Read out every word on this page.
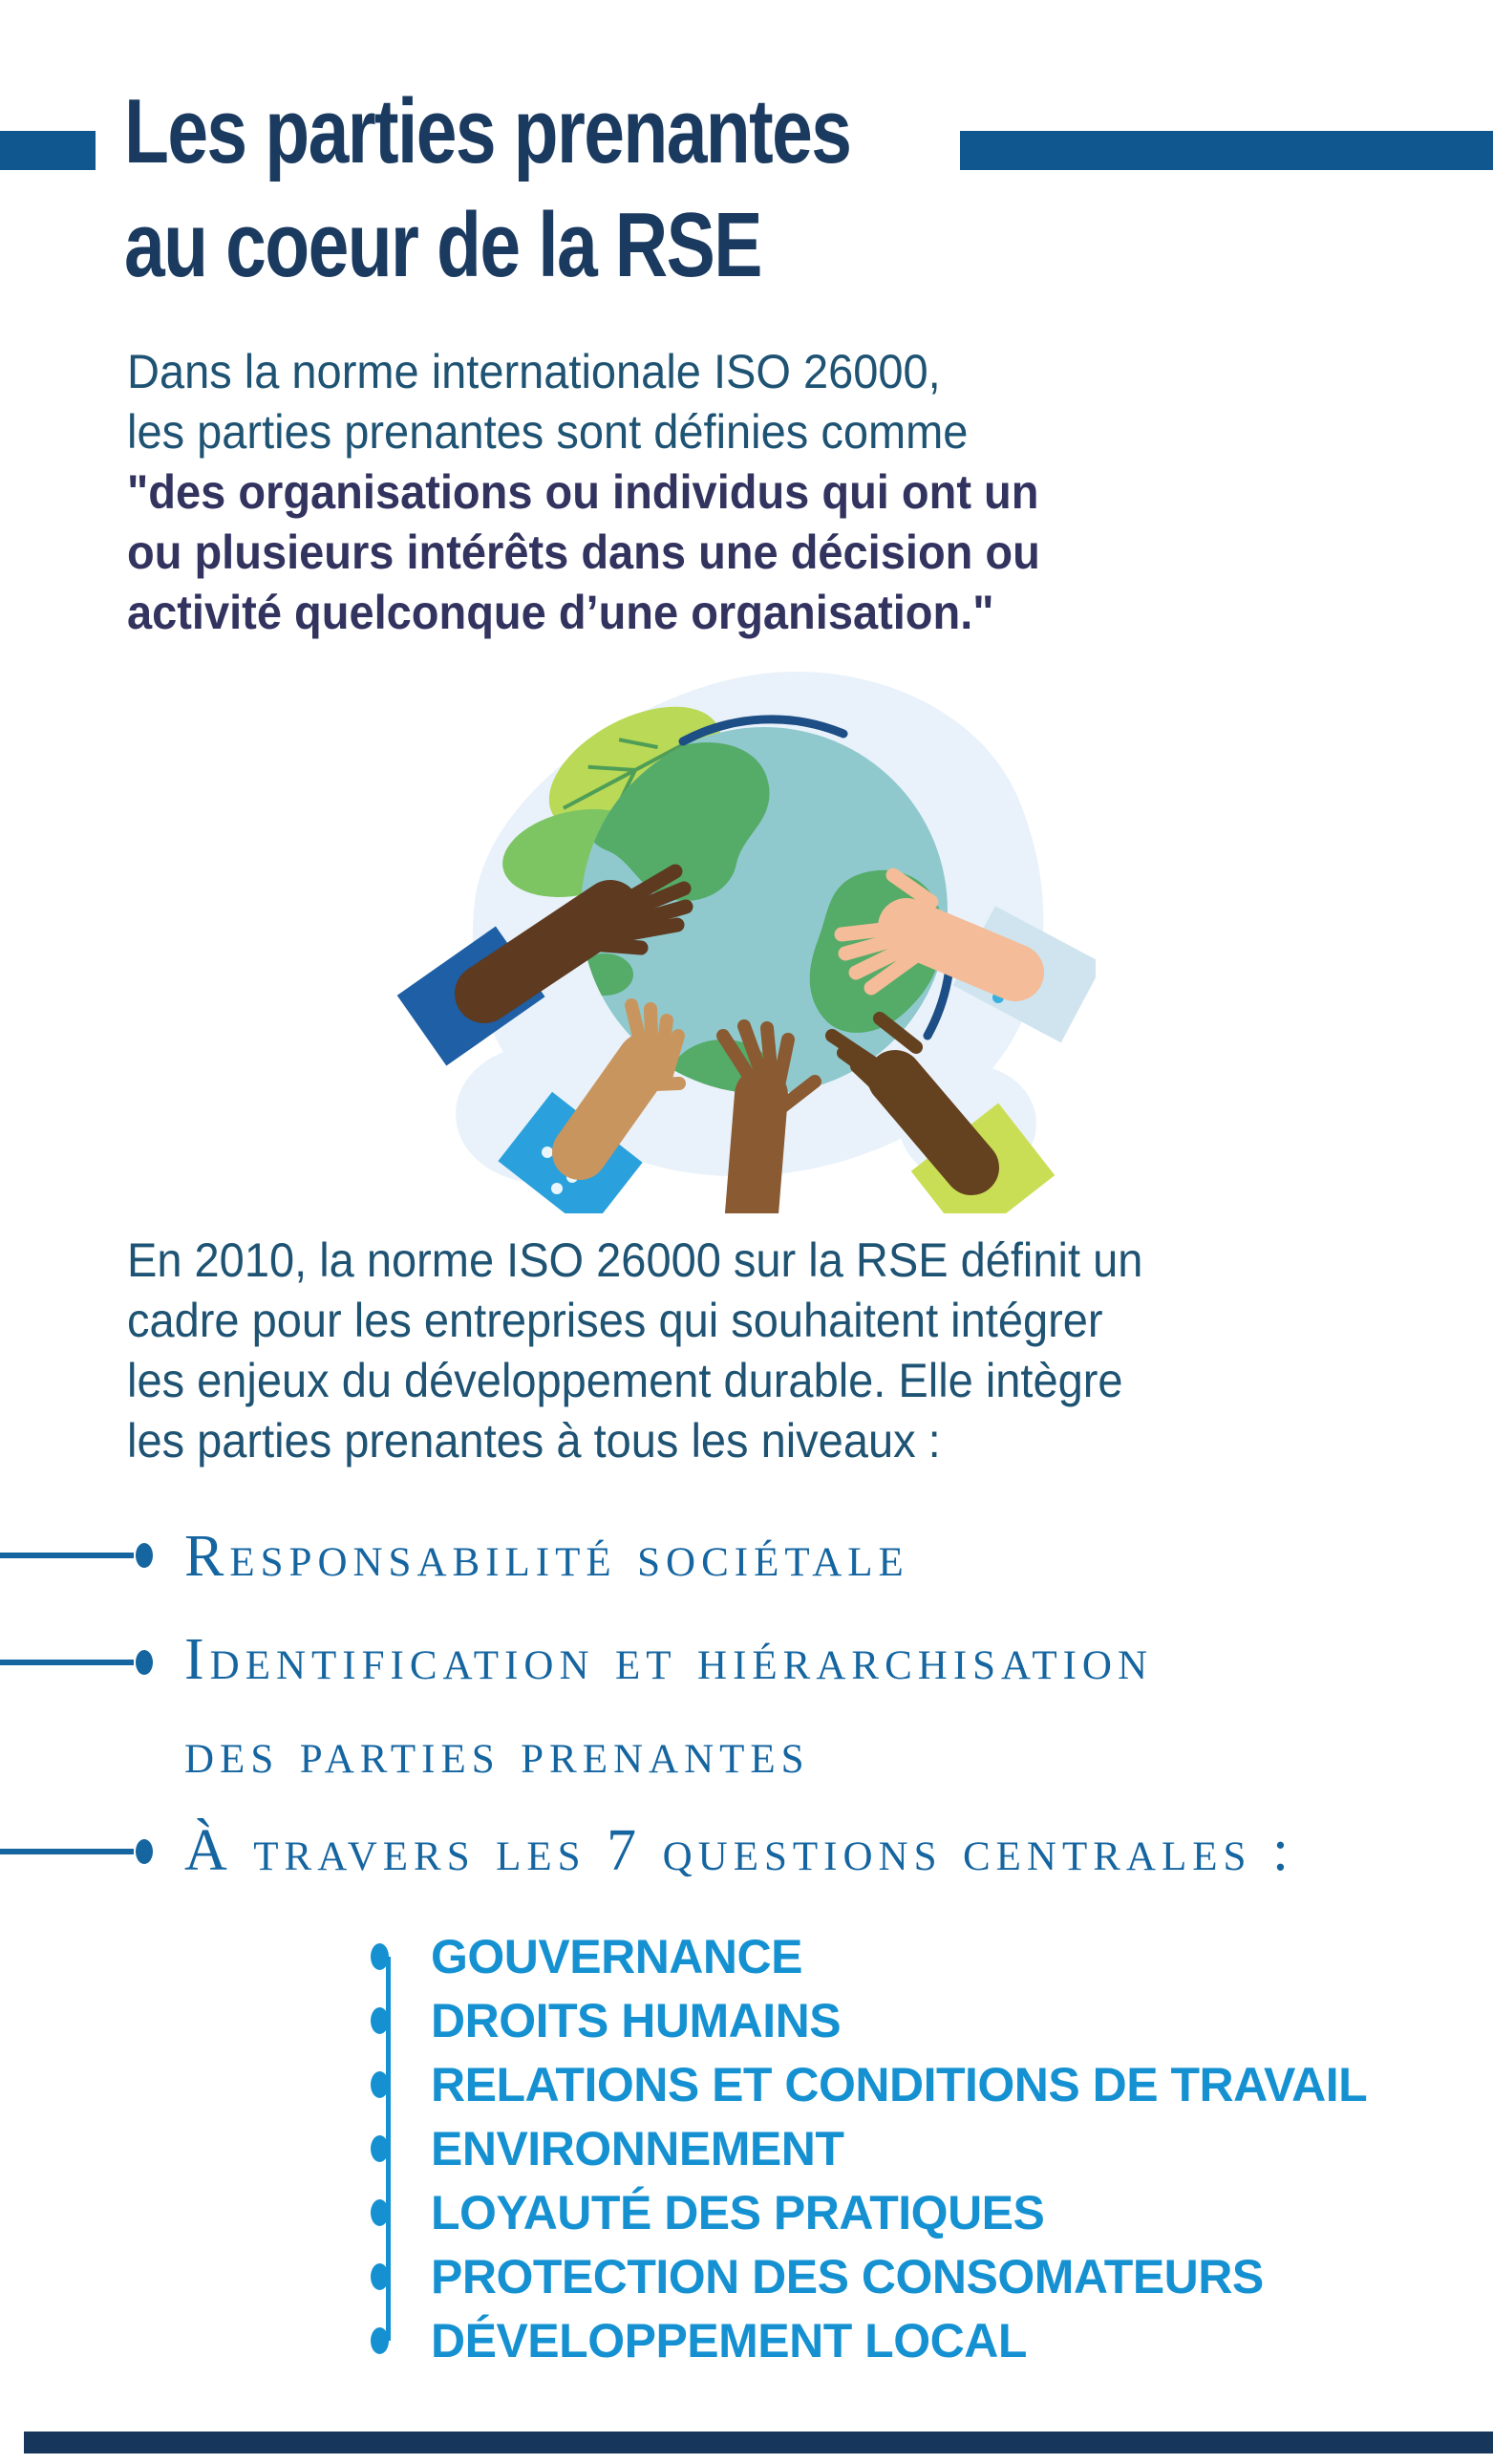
Les parties prenantes
au coeur de la RSE

Dans la norme internationale ISO 26000,
les parties prenantes sont définies comme
"des organisations ou individus qui ont un
ou plusieurs intérêts dans une décision ou
activité quelconque d’une organisation."

En 2010, la norme ISO 26000 sur la RSE définit un
cadre pour les entreprises qui souhaitent intégrer
les enjeux du développement durable. Elle intègre
les parties prenantes à tous les niveaux :

Responsabilité sociétale
Identification et hiérarchisation
des parties prenantes
À travers les 7 questions centrales :
GOUVERNANCE
DROITS HUMAINS
RELATIONS ET CONDITIONS DE TRAVAIL
ENVIRONNEMENT
LOYAUTÉ DES PRATIQUES
PROTECTION DES CONSOMATEURS
DÉVELOPPEMENT LOCAL
